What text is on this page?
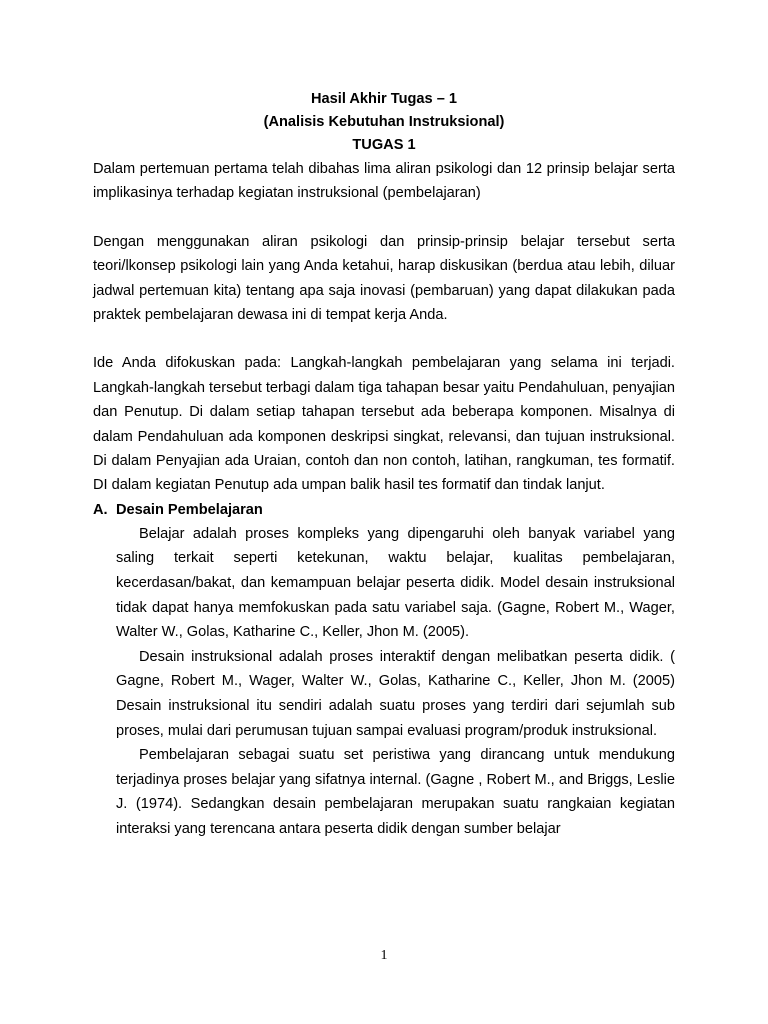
Hasil Akhir Tugas – 1

(Analisis Kebutuhan Instruksional)

TUGAS 1

Dalam pertemuan pertama telah dibahas lima aliran psikologi dan 12 prinsip belajar serta implikasinya terhadap kegiatan instruksional (pembelajaran)

Dengan menggunakan aliran psikologi dan prinsip-prinsip belajar tersebut serta teori/lkonsep psikologi lain yang Anda ketahui, harap diskusikan (berdua atau lebih, diluar jadwal pertemuan kita) tentang apa saja inovasi (pembaruan) yang dapat dilakukan pada praktek pembelajaran dewasa ini di tempat kerja Anda.

Ide Anda difokuskan pada: Langkah-langkah pembelajaran yang selama ini terjadi. Langkah-langkah tersebut terbagi dalam tiga tahapan besar yaitu Pendahuluan, penyajian dan Penutup. Di dalam setiap tahapan tersebut ada beberapa komponen. Misalnya di dalam Pendahuluan ada komponen deskripsi singkat, relevansi, dan tujuan instruksional. Di dalam Penyajian ada Uraian, contoh dan non contoh, latihan, rangkuman, tes formatif. DI dalam kegiatan Penutup ada umpan balik hasil tes formatif dan tindak lanjut.

A. Desain Pembelajaran

Belajar adalah proses kompleks yang dipengaruhi oleh banyak variabel yang saling terkait seperti ketekunan, waktu belajar, kualitas pembelajaran, kecerdasan/bakat, dan kemampuan belajar peserta didik. Model desain instruksional tidak dapat hanya memfokuskan pada satu variabel saja. (Gagne, Robert M., Wager, Walter W., Golas, Katharine C., Keller, Jhon M. (2005).

Desain instruksional adalah proses interaktif dengan melibatkan peserta didik. ( Gagne, Robert M., Wager, Walter W., Golas, Katharine C., Keller, Jhon M. (2005) Desain instruksional itu sendiri adalah suatu proses yang terdiri dari sejumlah sub proses, mulai dari perumusan tujuan sampai evaluasi program/produk instruksional.

Pembelajaran sebagai suatu set peristiwa yang dirancang untuk mendukung terjadinya proses belajar yang sifatnya internal. (Gagne , Robert M., and Briggs, Leslie J. (1974). Sedangkan desain pembelajaran merupakan suatu rangkaian kegiatan interaksi yang terencana antara peserta didik dengan sumber belajar

1
